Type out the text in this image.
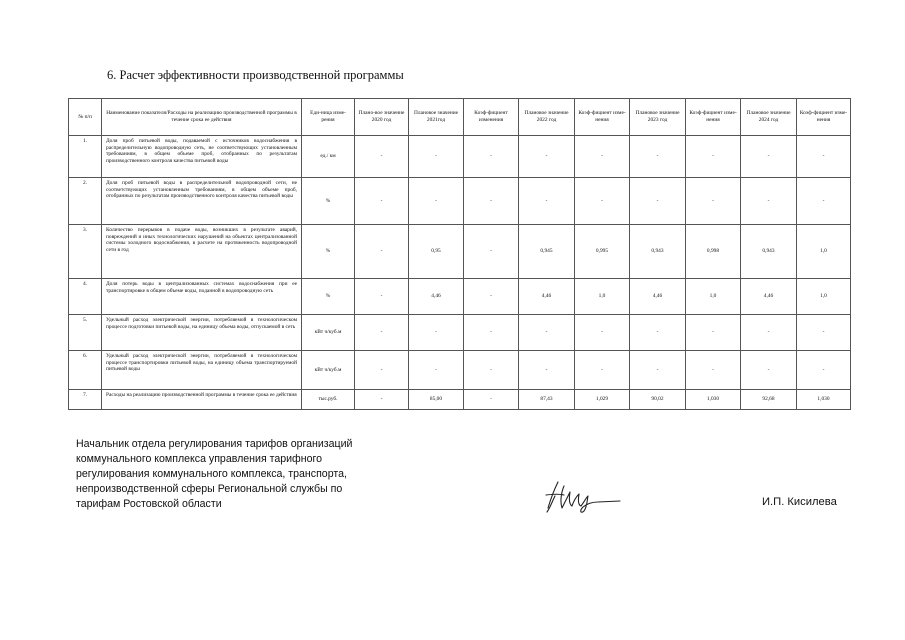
6. Расчет эффективности производственной программы
№ п/п	Наименование показателя/Расходы на реализацию производственной программы в течение срока ее действия	Еди-ница изме-рения	Плано-вое значение 2020 год	Плановое значение 2021год	Коэф-фициент изменения	Плановое значение 2022 год	Коэф-фициент изме-нения	Плановое значение 2023 год	Коэф-фициент изме-нения	Плановое значение 2024 год	Коэф-фициент изме-нения
1.	Доля проб питьевой воды, подаваемой с источников водоснабжения в распределительную водопроводную сеть, не соответствующих установленным требованиям, в общем объеме проб, отобранных по результатам производственного контроля качества питьевой воды	ед./ км	-	-	-	-	-	-	-	-	-
2.	Доля проб питьевой воды в распределительной водопроводной сети, не соответствующих установленным требованиям, в общем объеме проб, отобранных по результатам производственного контроля качества питьевой воды	%	-	-	-	-	-	-	-	-	-
3.	Количество перерывов в подаче воды, возникших в результате аварий, повреждений и иных технологических нарушений на объектах централизованной системы холодного водоснабжения, в расчете на протяженность водопроводной сети в год	%	-	0,95	-	0,945	0,995	0,943	0,998	0,943	1,0
4.	Доля потерь воды в централизованных системах водоснабжения при ее транспортировке в общем объеме воды, поданной в водопроводную сеть	%	-	4,46	-	4,46	1,0	4,46	1,0	4,46	1,0
5.	Удельный расход электрической энергии, потребляемой в технологическом процессе подготовки питьевой воды, на единицу объема воды, отпускаемой в сеть	кВт ч/куб.м	-	-	-	-	-	-	-	-	-
6.	Удельный расход электрической энергии, потребляемой в технологическом процессе транспортировки питьевой воды, на единицу объема транспортируемой питьевой воды	кВт ч/куб.м	-	-	-	-	-	-	-	-	-
7.	Расходы на реализацию производственной программы в течение срока ее действия	тыс.руб.	-	85,00	-	87,43	1,029	90,02	1,030	92,68	1,030
Начальник отдела регулирования тарифов организаций
коммунального комплекса управления тарифного
регулирования коммунального комплекса, транспорта,
непроизводственной сферы Региональной службы по
тарифам Ростовской области	И.П. Кисилева
